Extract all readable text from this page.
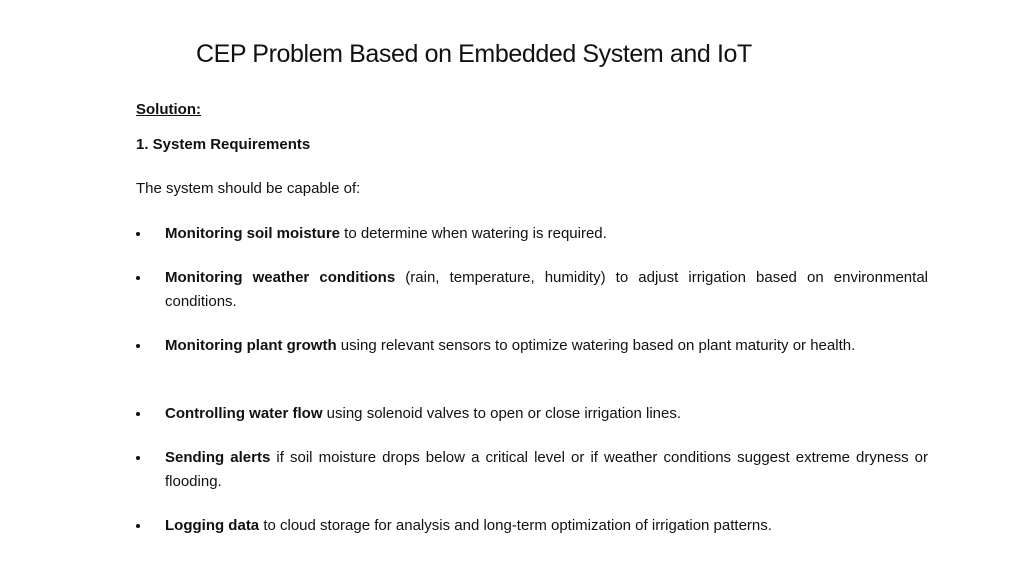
CEP Problem Based on Embedded System and IoT
Solution:
1. System Requirements
The system should be capable of:
Monitoring soil moisture to determine when watering is required.
Monitoring weather conditions (rain, temperature, humidity) to adjust irrigation based on environmental conditions.
Monitoring plant growth using relevant sensors to optimize watering based on plant maturity or health.
Controlling water flow using solenoid valves to open or close irrigation lines.
Sending alerts if soil moisture drops below a critical level or if weather conditions suggest extreme dryness or flooding.
Logging data to cloud storage for analysis and long-term optimization of irrigation patterns.
